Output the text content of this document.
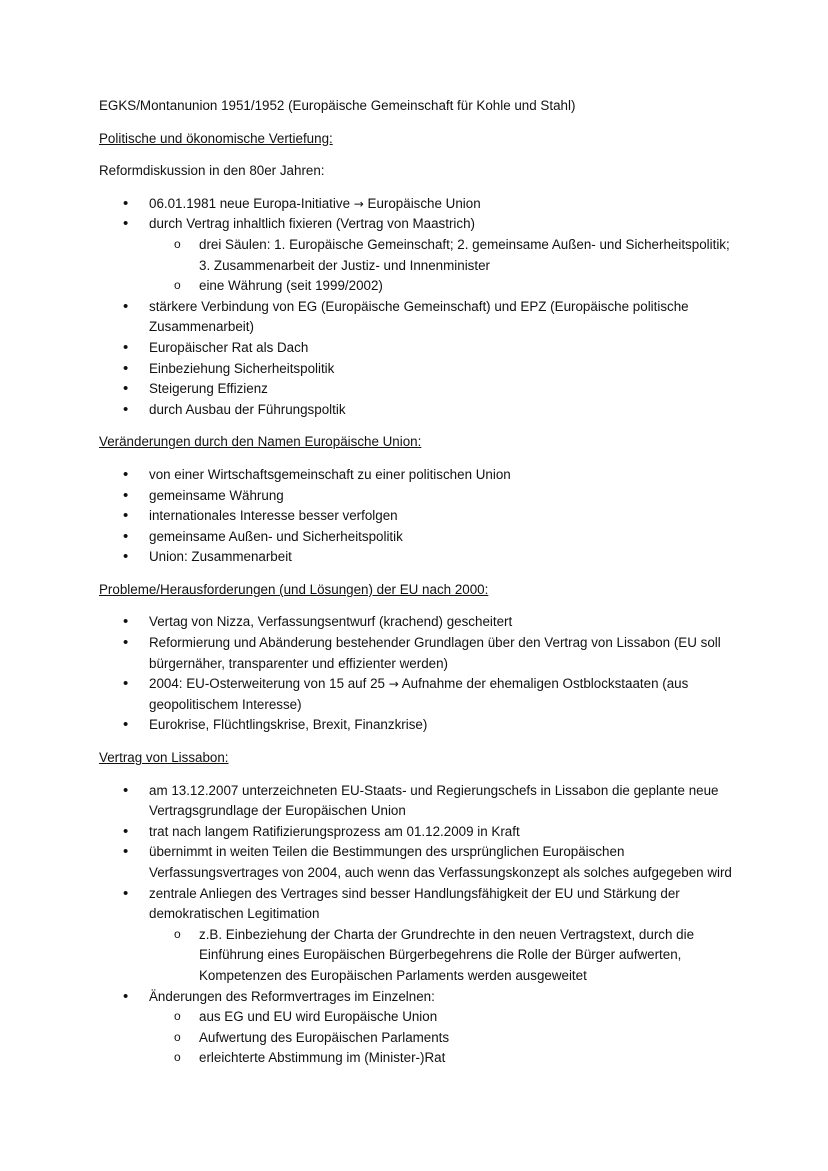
EGKS/Montanunion 1951/1952 (Europäische Gemeinschaft für Kohle und Stahl)

Politische und ökonomische Vertiefung:

Reformdiskussion in den 80er Jahren:

• 06.01.1981 neue Europa-Initiative → Europäische Union
• durch Vertrag inhaltlich fixieren (Vertrag von Maastrich)
o drei Säulen: 1. Europäische Gemeinschaft; 2. gemeinsame Außen- und Sicherheitspolitik; 3. Zusammenarbeit der Justiz- und Innenminister
o eine Währung (seit 1999/2002)
• stärkere Verbindung von EG (Europäische Gemeinschaft) und EPZ (Europäische politische Zusammenarbeit)
• Europäischer Rat als Dach
• Einbeziehung Sicherheitspolitik
• Steigerung Effizienz
• durch Ausbau der Führungspoltik

Veränderungen durch den Namen Europäische Union:

• von einer Wirtschaftsgemeinschaft zu einer politischen Union
• gemeinsame Währung
• internationales Interesse besser verfolgen
• gemeinsame Außen- und Sicherheitspolitik
• Union: Zusammenarbeit

Probleme/Herausforderungen (und Lösungen) der EU nach 2000:

• Vertag von Nizza, Verfassungsentwurf (krachend) gescheitert
• Reformierung und Abänderung bestehender Grundlagen über den Vertrag von Lissabon (EU soll bürgernäher, transparenter und effizienter werden)
• 2004: EU-Osterweiterung von 15 auf 25 → Aufnahme der ehemaligen Ostblockstaaten (aus geopolitischem Interesse)
• Eurokrise, Flüchtlingskrise, Brexit, Finanzkrise)

Vertrag von Lissabon:

• am 13.12.2007 unterzeichneten EU-Staats- und Regierungschefs in Lissabon die geplante neue Vertragsgrundlage der Europäischen Union
• trat nach langem Ratifizierungsprozess am 01.12.2009 in Kraft
• übernimmt in weiten Teilen die Bestimmungen des ursprünglichen Europäischen Verfassungsvertrages von 2004, auch wenn das Verfassungskonzept als solches aufgegeben wird
• zentrale Anliegen des Vertrages sind besser Handlungsfähigkeit der EU und Stärkung der demokratischen Legitimation
o z.B. Einbeziehung der Charta der Grundrechte in den neuen Vertragstext, durch die Einführung eines Europäischen Bürgerbegehrens die Rolle der Bürger aufwerten, Kompetenzen des Europäischen Parlaments werden ausgeweitet
• Änderungen des Reformvertrages im Einzelnen:
o aus EG und EU wird Europäische Union
o Aufwertung des Europäischen Parlaments
o erleichterte Abstimmung im (Minister-)Rat
